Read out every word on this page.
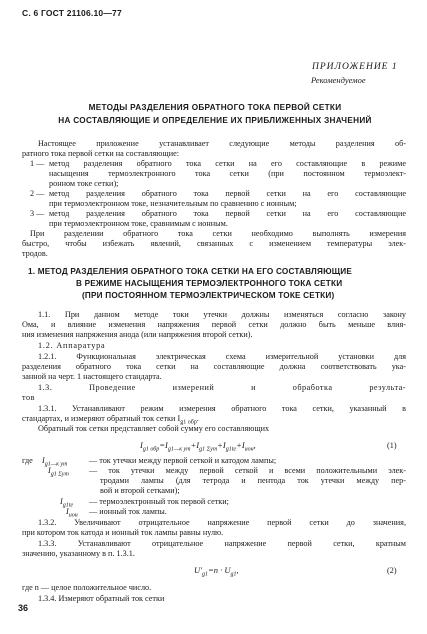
С. 6 ГОСТ 21106.10—77
ПРИЛОЖЕНИЕ 1
Рекомендуемое
МЕТОДЫ РАЗДЕЛЕНИЯ ОБРАТНОГО ТОКА ПЕРВОЙ СЕТКИ
НА СОСТАВЛЯЮЩИЕ И ОПРЕДЕЛЕНИЕ ИХ ПРИБЛИЖЕННЫХ ЗНАЧЕНИЙ
Настоящее приложение устанавливает следующие методы разделения об-
ратного тока первой сетки на составляющие:
1 — метод разделения обратного тока сетки на его составляющие в режиме
насыщения термоэлектронного тока сетки (при постоянном термоэлект-
ронном токе сетки);
2 — метод разделения обратного тока первой сетки на его составляющие
при термоэлектронном токе, незначительным по сравнению с ионным;
3 — метод разделения обратного тока первой сетки на его составляющие
при термоэлектронном токе, сравнимым с ионным.
При разделении обратного тока сетки необходимо выполнять измерения
быстро, чтобы избежать явлений, связанных с изменением температуры элек-
тродов.
1. МЕТОД РАЗДЕЛЕНИЯ ОБРАТНОГО ТОКА СЕТКИ НА ЕГО СОСТАВЛЯЮЩИЕ
В РЕЖИМЕ НАСЫЩЕНИЯ ТЕРМОЭЛЕКТРОННОГО ТОКА СЕТКИ
(ПРИ ПОСТОЯННОМ ТЕРМОЭЛЕКТРИЧЕСКОМ ТОКЕ СЕТКИ)
1.1. При данном методе токи утечки должны изменяться согласно закону
Ома, и влияние изменения напряжения первой сетки должно быть меньше влия-
ния изменения напряжения анода (или напряжения второй сетки).
1.2. Аппаратура
1.2.1. Функциональная электрическая схема измерительной установки для
разделения обратного тока сетки на составляющие должна соответствовать ука-
занной на черт. 1 настоящего стандарта.
1.3. Проведение измерений и обработка результа-
тов
1.3.1. Устанавливают режим измерения обратного тока сетки, указанный в
стандартах, и измеряют обратный ток сетки $I_{g1 обр}$.
Обратный ток сетки представляет собой сумму его составляющих
$I_{g1 обр}=I_{g1—к ут}+I_{g1 \Sigma ут}+I_{g1te}+I_{ион}$,	(1)
где $I_{g1—к ут}$	— ток утечки между первой сеткой и катодом лампы;
$I_{g1 \Sigma ут}$ — ток утечки между первой сеткой и всеми положительными элек-
тродами лампы (для тетрода и пентода ток утечки между пер-
вой и второй сетками);
$I_{g1te}$ — термоэлектронный ток первой сетки;
$I_{ион}$ — ионный ток лампы.
1.3.2. Увеличивают отрицательное напряжение первой сетки до значения,
при котором ток катода и ионный ток лампы равны нулю.
1.3.3. Устанавливают отрицательное напряжение первой сетки, кратным
значению, указанному в п. 1.3.1.
$U'_{g1}=n \cdot U_{g1}$,	(2)
где n — целое положительное число.
1.3.4. Измеряют обратный ток сетки
36
